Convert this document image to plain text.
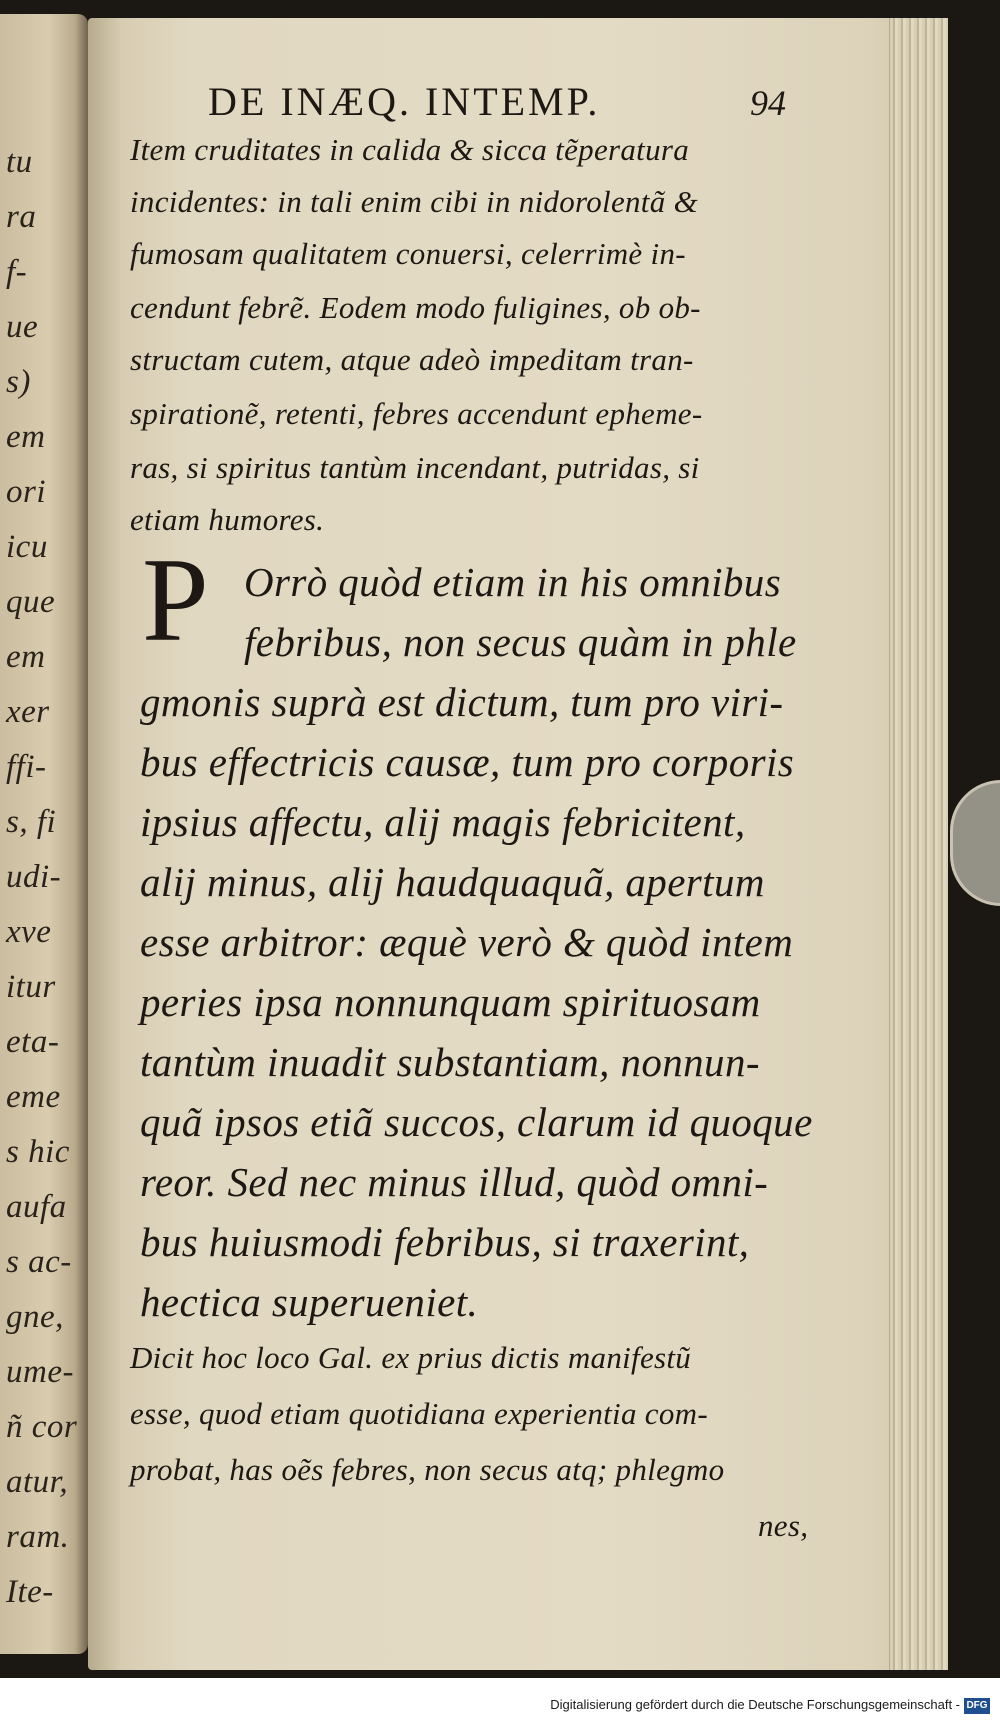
tu
ra
f-
ue
s)
em
ori
icu
que
em
xer
ffi-
s, fi
udi-
xve
itur
eta-
eme
s hic
aufa
s ac-
gne,
ume-
ñ cor
atur,
ram.
Ite-
DE INÆQ. INTEMP.	94
Item cruditates in calida & sicca tẽperatura
incidentes: in tali enim cibi in nidorolentã &
fumosam qualitatem conuersi, celerrimè in-
cendunt febrẽ. Eodem modo fuligines, ob ob-
structam cutem, atque adeò impeditam tran-
spirationẽ, retenti, febres accendunt epheme-
ras, si spiritus tantùm incendant, putridas, si
etiam humores.
P Orrò quòd etiam in his omnibus
febribus, non secus quàm in phle
gmonis suprà est dictum, tum pro viri-
bus effectricis causæ, tum pro corporis
ipsius affectu, alij magis febricitent,
alij minus, alij haudquaquã, apertum
esse arbitror: æquè verò & quòd intem
peries ipsa nonnunquam spirituosam
tantùm inuadit substantiam, nonnun-
quã ipsos etiã succos, clarum id quoque
reor. Sed nec minus illud, quòd omni-
bus huiusmodi febribus, si traxerint,
hectica superueniet.
Dicit hoc loco Gal. ex prius dictis manifestũ
esse, quod etiam quotidiana experientia com-
probat, has oẽs febres, non secus atq; phlegmo
nes,
Digitalisierung gefördert durch die Deutsche Forschungsgemeinschaft - DFG
